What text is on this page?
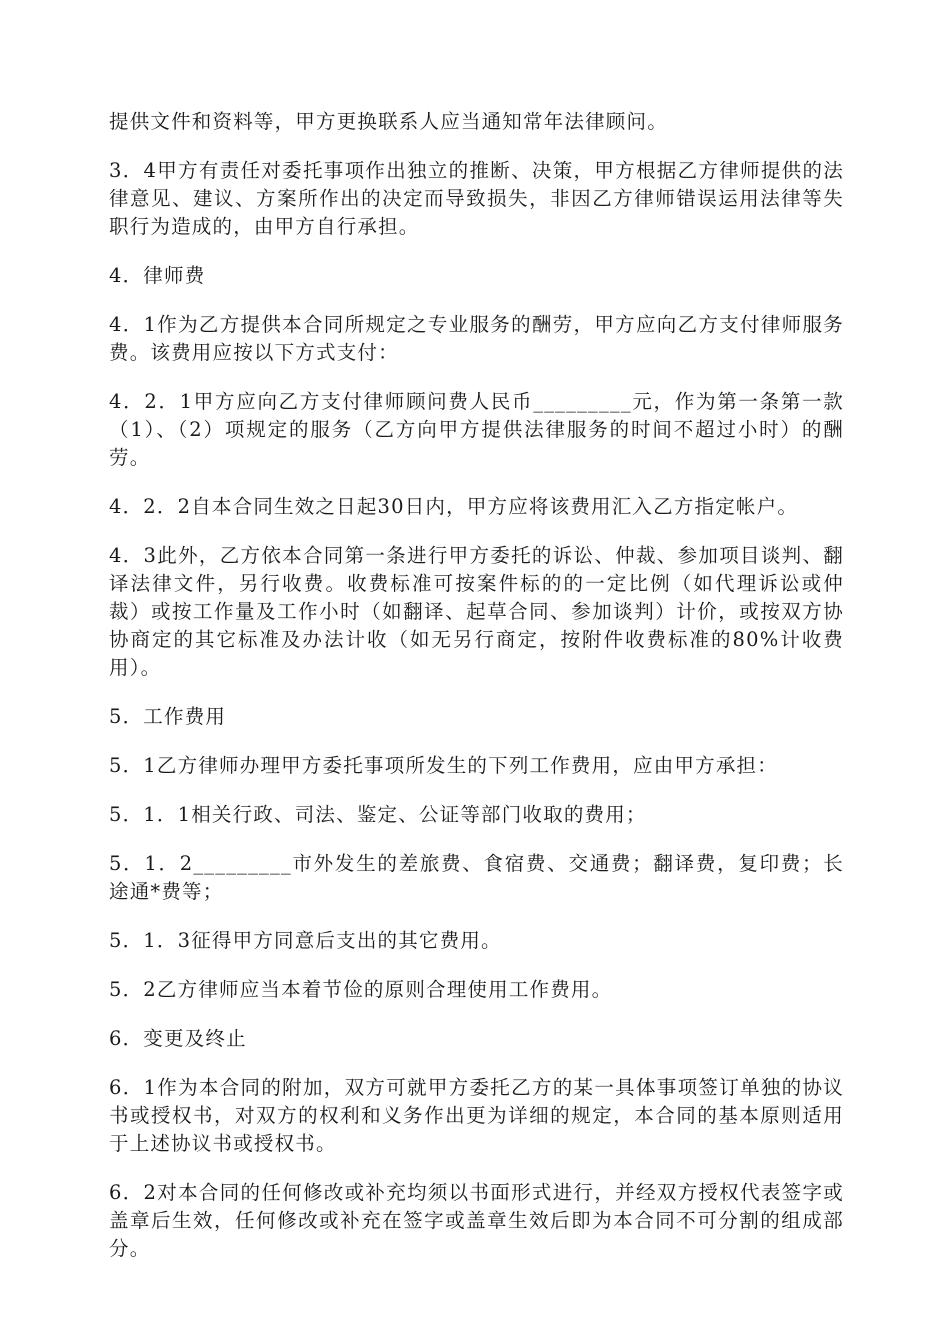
提供文件和资料等，甲方更换联系人应当通知常年法律顾问。

3．4甲方有责任对委托事项作出独立的推断、决策，甲方根据乙方律师提供的法律意见、建议、方案所作出的决定而导致损失，非因乙方律师错误运用法律等失职行为造成的，由甲方自行承担。

4．律师费

4．1作为乙方提供本合同所规定之专业服务的酬劳，甲方应向乙方支付律师服务费。该费用应按以下方式支付：

4．2．1甲方应向乙方支付律师顾问费人民币_________元，作为第一条第一款（1）、（2）项规定的服务（乙方向甲方提供法律服务的时间不超过小时）的酬劳。

4．2．2自本合同生效之日起30日内，甲方应将该费用汇入乙方指定帐户。

4．3此外，乙方依本合同第一条进行甲方委托的诉讼、仲裁、参加项目谈判、翻译法律文件，另行收费。收费标准可按案件标的的一定比例（如代理诉讼或仲裁）或按工作量及工作小时（如翻译、起草合同、参加谈判）计价，或按双方协协商定的其它标准及办法计收（如无另行商定，按附件收费标准的80%计收费用）。

5．工作费用

5．1乙方律师办理甲方委托事项所发生的下列工作费用，应由甲方承担：

5．1．1相关行政、司法、鉴定、公证等部门收取的费用；

5．1．2_________市外发生的差旅费、食宿费、交通费；翻译费，复印费；长途通*费等；

5．1．3征得甲方同意后支出的其它费用。

5．2乙方律师应当本着节俭的原则合理使用工作费用。

6．变更及终止

6．1作为本合同的附加，双方可就甲方委托乙方的某一具体事项签订单独的协议书或授权书，对双方的权利和义务作出更为详细的规定，本合同的基本原则适用于上述协议书或授权书。

6．2对本合同的任何修改或补充均须以书面形式进行，并经双方授权代表签字或盖章后生效，任何修改或补充在签字或盖章生效后即为本合同不可分割的组成部分。
